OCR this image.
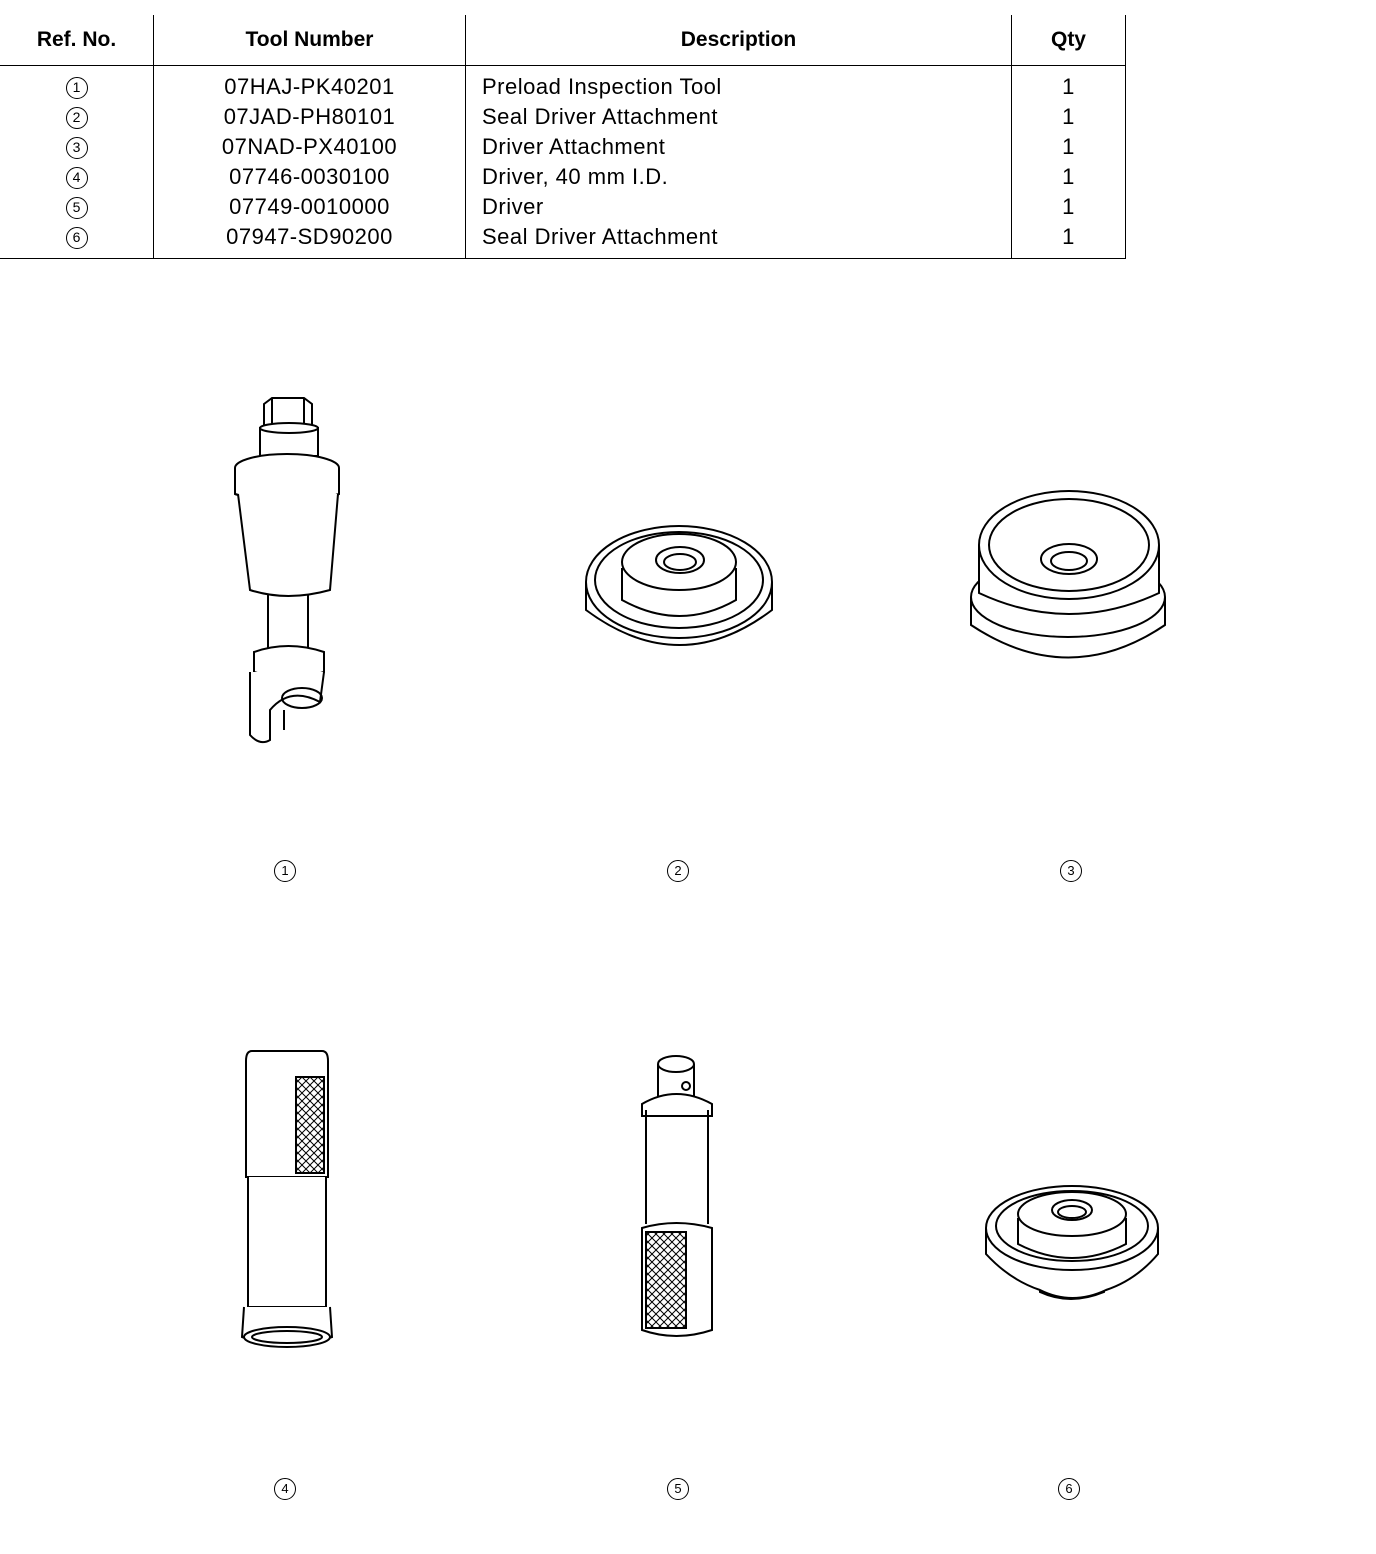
Ref. No.	Tool Number	Description	Qty
1	07HAJ-PK40201	Preload Inspection Tool	1
2	07JAD-PH80101	Seal Driver Attachment	1
3	07NAD-PX40100	Driver Attachment	1
4	07746-0030100	Driver, 40 mm I.D.	1
5	07749-0010000	Driver	1
6	07947-SD90200	Seal Driver Attachment	1
1	2	3
4	5	6
